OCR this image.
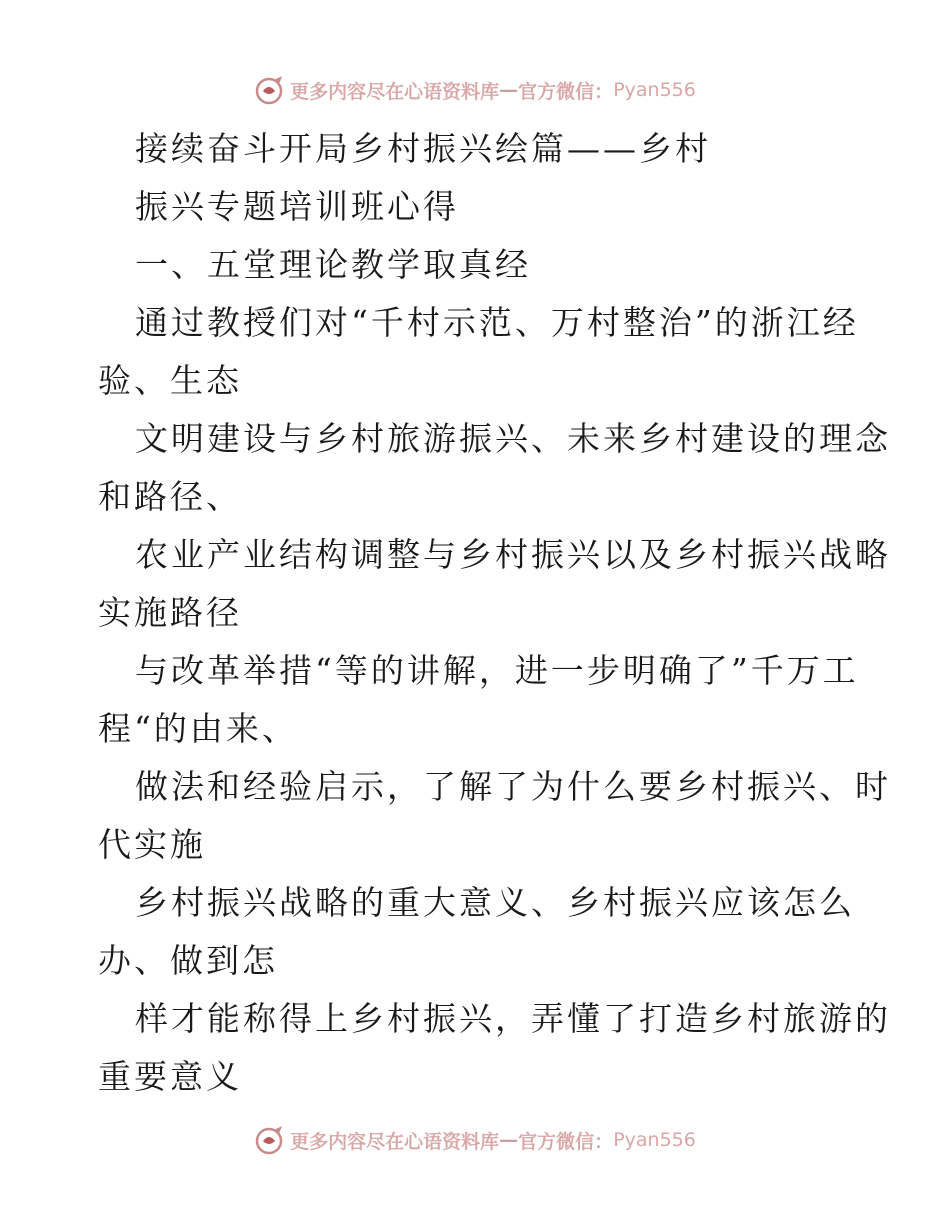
更多内容尽在心语资料库 — 官方微信： Pyan556
接续奋斗开局乡村振兴绘篇——乡村
振兴专题培训班心得
一、五堂理论教学取真经
通过教授们对“千村示范、万村整治”的浙江经
验、生态
文明建设与乡村旅游振兴、未来乡村建设的理念
和路径、
农业产业结构调整与乡村振兴以及乡村振兴战略
实施路径
与改革举措“等的讲解，进一步明确了”千万工
程“的由来、
做法和经验启示，了解了为什么要乡村振兴、时
代实施
乡村振兴战略的重大意义、乡村振兴应该怎么
办、做到怎
样才能称得上乡村振兴，弄懂了打造乡村旅游的
重要意义
更多内容尽在心语资料库 — 官方微信： Pyan556
